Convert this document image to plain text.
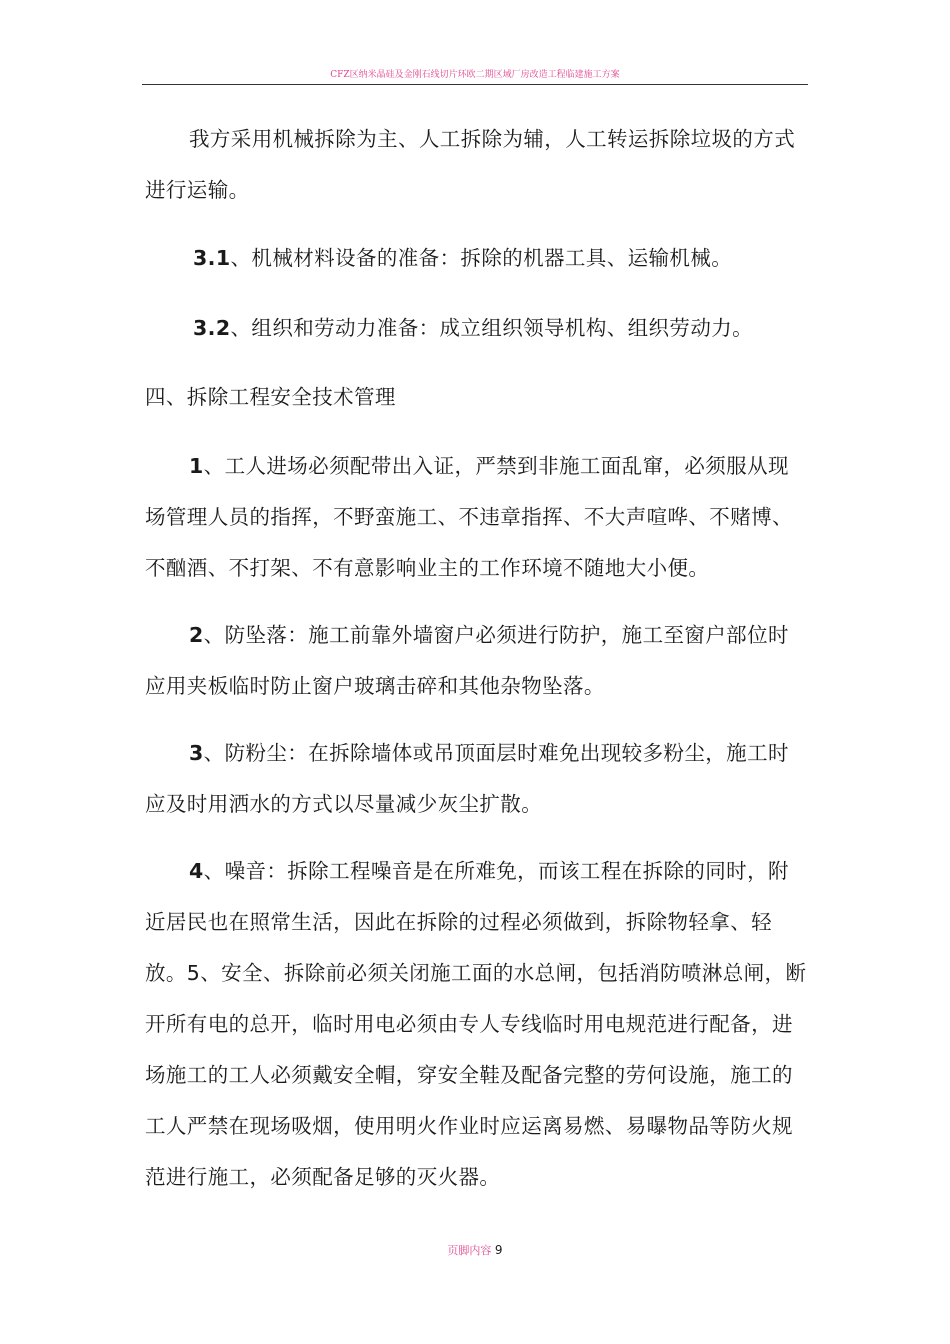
CFZ区纳米晶硅及金刚石线切片环欧二期区域厂房改造工程临建施工方案

我方采用机械拆除为主、人工拆除为辅，人工转运拆除垃圾的方式进行运输。

3.1、机械材料设备的准备：拆除的机器工具、运输机械。

3.2、组织和劳动力准备：成立组织领导机构、组织劳动力。

四、拆除工程安全技术管理

1、工人进场必须配带出入证，严禁到非施工面乱窜，必须服从现场管理人员的指挥，不野蛮施工、不违章指挥、不大声喧哗、不赌博、不酗酒、不打架、不有意影响业主的工作环境不随地大小便。

2、防坠落：施工前靠外墙窗户必须进行防护，施工至窗户部位时应用夹板临时防止窗户玻璃击碎和其他杂物坠落。

3、防粉尘：在拆除墙体或吊顶面层时难免出现较多粉尘，施工时应及时用洒水的方式以尽量减少灰尘扩散。

4、噪音：拆除工程噪音是在所难免，而该工程在拆除的同时，附近居民也在照常生活，因此在拆除的过程必须做到，拆除物轻拿、轻放。5、安全、拆除前必须关闭施工面的水总闸，包括消防喷淋总闸，断开所有电的总开，临时用电必须由专人专线临时用电规范进行配备，进场施工的工人必须戴安全帽，穿安全鞋及配备完整的劳何设施，施工的工人严禁在现场吸烟，使用明火作业时应运离易燃、易曝物品等防火规范进行施工，必须配备足够的灭火器。

页脚内容 9
